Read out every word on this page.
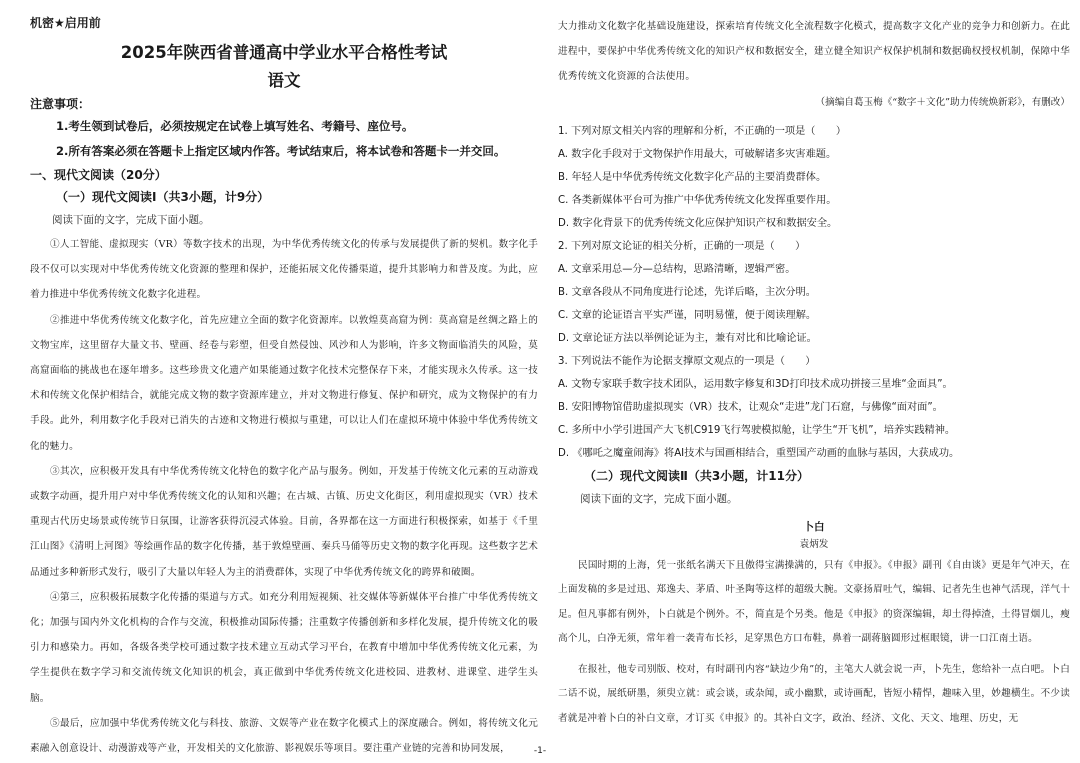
机密★启用前
2025年陕西省普通高中学业水平合格性考试
语文
注意事项：
1.考生领到试卷后，必须按规定在试卷上填写姓名、考籍号、座位号。
2.所有答案必须在答题卡上指定区域内作答。考试结束后，将本试卷和答题卡一并交回。
一、现代文阅读（20分）
（一）现代文阅读Ⅰ（共3小题，计9分）
阅读下面的文字，完成下面小题。

①人工智能、虚拟现实（VR）等数字技术的出现，为中华优秀传统文化的传承与发展提供了新的契机。数字化手段不仅可以实现对中华优秀传统文化资源的整理和保护，还能拓展文化传播渠道，提升其影响力和普及度。为此，应着力推进中华优秀传统文化数字化进程。

②推进中华优秀传统文化数字化，首先应建立全面的数字化资源库。以敦煌莫高窟为例：莫高窟是丝绸之路上的文物宝库，这里留存大量文书、壁画、经卷与彩塑，但受自然侵蚀、风沙和人为影响，许多文物面临消失的风险，莫高窟面临的挑战也在逐年增多。这些珍贵文化遗产如果能通过数字化技术完整保存下来，才能实现永久传承。这一技术和传统文化保护相结合，就能完成文物的数字资源库建立，并对文物进行修复、保护和研究，成为文物保护的有力手段。此外，利用数字化手段对已消失的古迹和文物进行模拟与重建，可以让人们在虚拟环境中体验中华优秀传统文化的魅力。

③其次，应积极开发具有中华优秀传统文化特色的数字化产品与服务。例如，开发基于传统文化元素的互动游戏或数字动画，提升用户对中华优秀传统文化的认知和兴趣；在古城、古镇、历史文化街区，利用虚拟现实（VR）技术重现古代历史场景或传统节日氛围，让游客获得沉浸式体验。目前，各界都在这一方面进行积极探索，如基于《千里江山图》《清明上河图》等绘画作品的数字化传播，基于敦煌壁画、秦兵马俑等历史文物的数字化再现。这些数字艺术品通过多种新形式发行，吸引了大量以年轻人为主的消费群体，实现了中华优秀传统文化的跨界和破圈。

④第三，应积极拓展数字化传播的渠道与方式。如充分利用短视频、社交媒体等新媒体平台推广中华优秀传统文化；加强与国内外文化机构的合作与交流，积极推动国际传播；注重数字传播创新和多样化发展，提升传统文化的吸引力和感染力。再如，各级各类学校可通过数字技术建立互动式学习平台，在教育中增加中华优秀传统文化元素，为学生提供在数字学习和交流传统文化知识的机会，真正做到中华优秀传统文化进校园、进教材、进课堂、进学生头脑。

⑤最后，应加强中华优秀传统文化与科技、旅游、文娱等产业在数字化模式上的深度融合。例如，将传统文化元素融入创意设计、动漫游戏等产业，开发相关的文化旅游、影视娱乐等项目。要注重产业链的完善和协同发展，

大力推动文化数字化基础设施建设，探索培育传统文化全流程数字化模式，提高数字文化产业的竞争力和创新力。在此进程中，要保护中华优秀传统文化的知识产权和数据安全，建立健全知识产权保护机制和数据确权授权机制，保障中华优秀传统文化资源的合法使用。

（摘编自葛玉梅《“数字＋文化”助力传统焕新彩》，有删改）
1. 下列对原文相关内容的理解和分析，不正确的一项是（　　）
A. 数字化手段对于文物保护作用最大，可破解诸多灾害难题。
B. 年轻人是中华优秀传统文化数字化产品的主要消费群体。
C. 各类新媒体平台可为推广中华优秀传统文化发挥重要作用。
D. 数字化背景下的优秀传统文化应保护知识产权和数据安全。
2. 下列对原文论证的相关分析，正确的一项是（　　）
A. 文章采用总—分—总结构，思路清晰，逻辑严密。
B. 文章各段从不同角度进行论述，先详后略，主次分明。
C. 文章的论证语言平实严谨，同明易懂，便于阅读理解。
D. 文章论证方法以举例论证为主，兼有对比和比喻论证。
3. 下列说法不能作为论据支撑原文观点的一项是（　　）
A. 文物专家联手数字技术团队，运用数字修复和3D打印技术成功拼接三星堆“金面具”。
B. 安阳博物馆借助虚拟现实（VR）技术，让观众“走进”龙门石窟，与佛像“面对面”。
C. 多所中小学引进国产大飞机C919飞行驾驶模拟舱，让学生“开飞机”，培养实践精神。
D. 《哪吒之魔童闹海》将AI技术与国画相结合，重塑国产动画的血脉与基因，大获成功。
（二）现代文阅读Ⅱ（共3小题，计11分）
阅读下面的文字，完成下面小题。
卜白
袁炳发

民国时期的上海，凭一张纸名满天下且傲得宝满操满的，只有《申报》。《申报》副刊《自由谈》更是年气冲天，在上面发稿的多是过迅、郑逸夫、茅盾、叶圣陶等这样的超级大腕。文豪扬眉吐气，编辑、记者先生也神气活现，洋气十足。但凡事都有例外，卜白就是个例外。不，简直是个另类。他是《申报》的资深编辑，却土得掉渣，土得冒烟儿，瘦高个儿，白净无须，常年着一袭青布长衫，足穿黑色方口布鞋，鼻着一副蒋脑圆形过框眼镜，讲一口江南土语。

在报社，他专司别版、校对，有时副刊内容“缺边少角”的，主笔大人就会说一声，卜先生，您给补一点白吧。卜白二话不说，展纸研墨，须臾立就：或会谈，或杂闻，或小幽默，或诗画配，皆短小精悍，趣味入里，妙趣横生。不少读者就是冲着卜白的补白文章，才订买《申报》的。其补白文字，政治、经济、文化、天文、地理、历史，无

-1-
